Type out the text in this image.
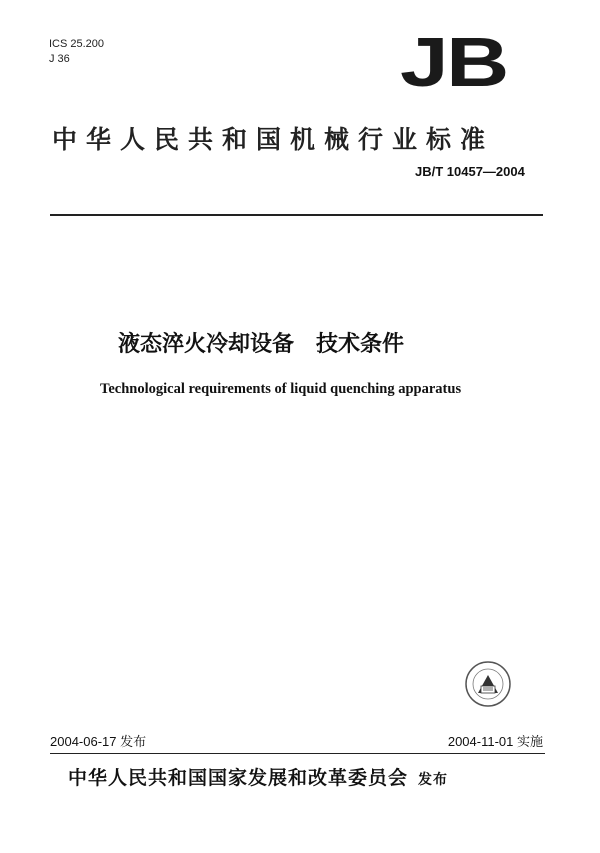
ICS 25.200
J 36	JB
中华人民共和国机械行业标准
JB/T 10457—2004
液态淬火冷却设备 技术条件
Technological requirements of liquid quenching apparatus
2004-06-17 发布	2004-11-01 实施
中华人民共和国国家发展和改革委员会 发布
